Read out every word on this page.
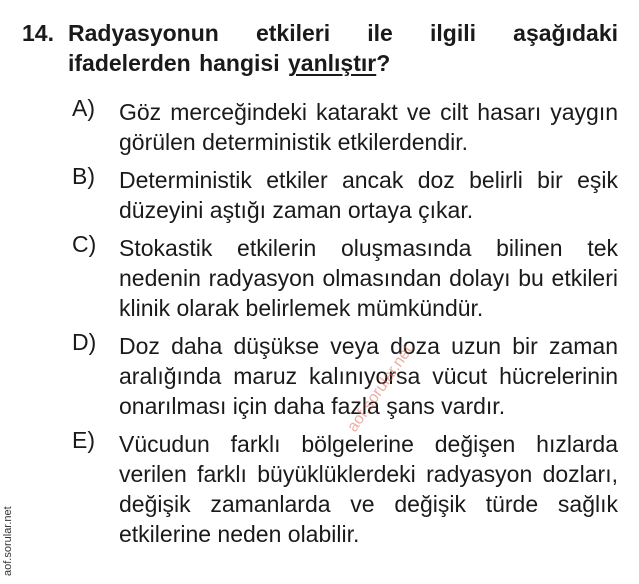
14. Radyasyonun etkileri ile ilgili aşağıdaki ifadelerden hangisi yanlıştır?
A)	Göz merceğindeki katarakt ve cilt hasarı yaygın görülen deterministik etkilerdendir.
B)	Deterministik etkiler ancak doz belirli bir eşik düzeyini aştığı zaman ortaya çıkar.
C) Stokastik etkilerin oluşmasında bilinen tek nedenin radyasyon olmasından dolayı bu etkileri klinik olarak belirlemek mümkündür.
D) Doz daha düşükse veya doza uzun bir zaman aralığında maruz kalınıyorsa vücut hücrelerinin onarılması için daha fazla şans vardır.
E)	Vücudun farklı bölgelerine değişen hızlarda verilen farklı büyüklüklerdeki radyasyon dozları, değişik zamanlarda ve değişik türde sağlık etkilerine neden olabilir.
aof.sorular.net
aof.sorular.net
